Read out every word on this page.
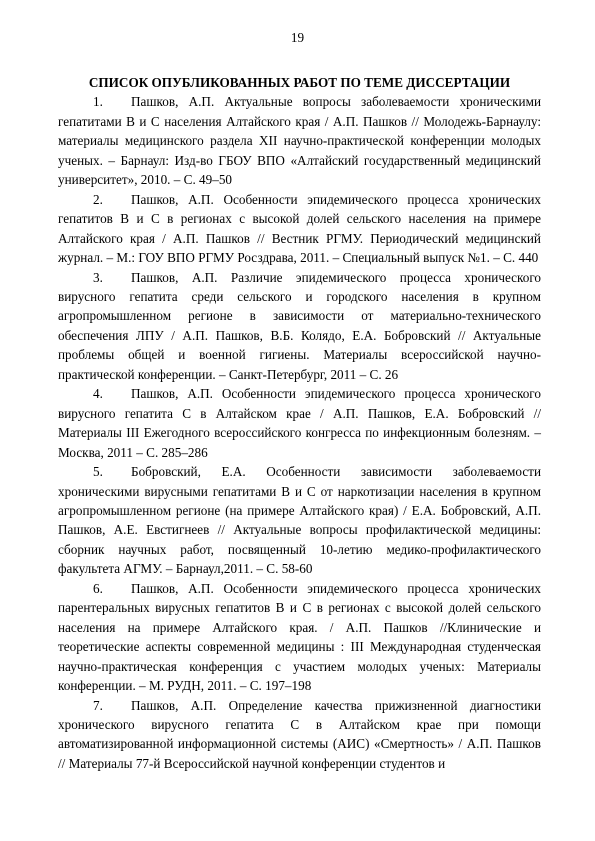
19

СПИСОК ОПУБЛИКОВАННЫХ РАБОТ ПО ТЕМЕ ДИССЕРТАЦИИ

1. Пашков, А.П. Актуальные вопросы заболеваемости хроническими гепатитами В и С населения Алтайского края / А.П. Пашков // Молодежь-Барнаулу: материалы медицинского раздела XII научно-практической конференции молодых ученых. – Барнаул: Изд-во ГБОУ ВПО «Алтайский государственный медицинский университет», 2010. – С. 49–50

2. Пашков, А.П. Особенности эпидемического процесса хронических гепатитов В и С в регионах с высокой долей сельского населения на примере Алтайского края / А.П. Пашков // Вестник РГМУ. Периодический медицинский журнал. – М.: ГОУ ВПО РГМУ Росздрава, 2011. – Специальный выпуск №1. – С. 440

3. Пашков, А.П. Различие эпидемического процесса хронического вирусного гепатита среди сельского и городского населения в крупном агропромышленном регионе в зависимости от материально-технического обеспечения ЛПУ / А.П. Пашков, В.Б. Колядо, Е.А. Бобровский // Актуальные проблемы общей и военной гигиены. Материалы всероссийской научно-практической конференции. – Санкт-Петербург, 2011 – С. 26

4. Пашков, А.П. Особенности эпидемического процесса хронического вирусного гепатита С в Алтайском крае / А.П. Пашков, Е.А. Бобровский // Материалы III Ежегодного всероссийского конгресса по инфекционным болезням. – Москва, 2011 – С. 285–286

5. Бобровский, Е.А. Особенности зависимости заболеваемости хроническими вирусными гепатитами В и С от наркотизации населения в крупном агропромышленном регионе (на примере Алтайского края) / Е.А. Бобровский, А.П. Пашков, А.Е. Евстигнеев // Актуальные вопросы профилактической медицины: сборник научных работ, посвященный 10-летию медико-профилактического факультета АГМУ. – Барнаул,2011. – С. 58-60

6. Пашков, А.П. Особенности эпидемического процесса хронических парентеральных вирусных гепатитов В и С в регионах с высокой долей сельского населения на примере Алтайского края. / А.П. Пашков //Клинические и теоретические аспекты современной медицины : III Международная студенческая научно-практическая конференция с участием молодых ученых: Материалы конференции. – М. РУДН, 2011. – С. 197–198

7. Пашков, А.П. Определение качества прижизненной диагностики хронического вирусного гепатита С в Алтайском крае при помощи автоматизированной информационной системы (АИС) «Смертность» / А.П. Пашков // Материалы 77-й Всероссийской научной конференции студентов и
